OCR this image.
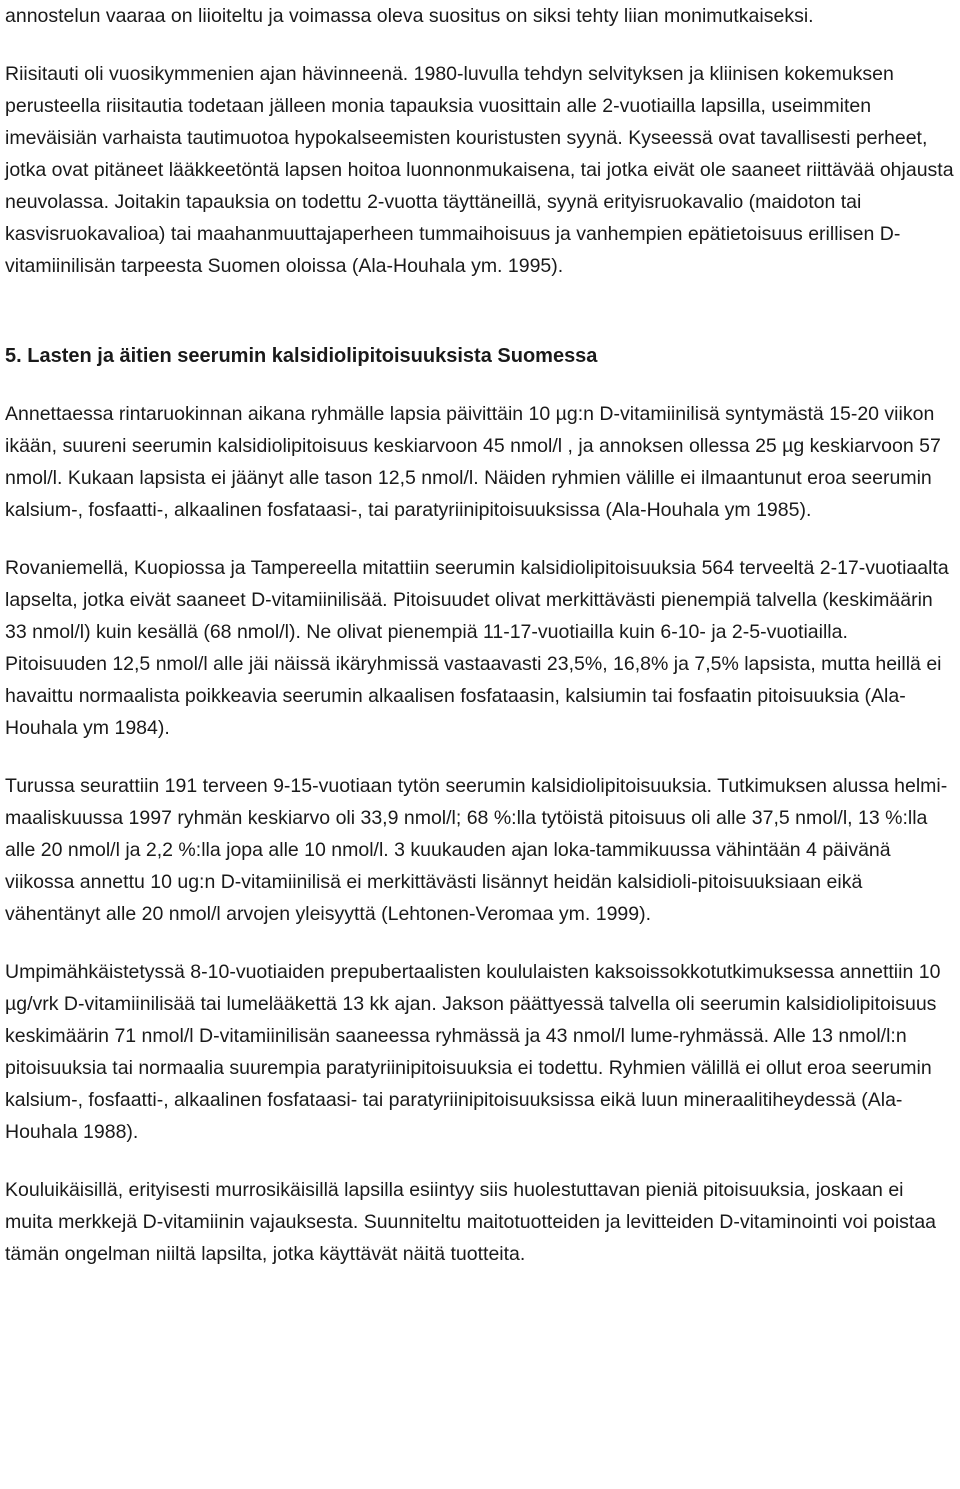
annostelun vaaraa on liioiteltu ja voimassa oleva suositus on siksi tehty liian monimutkaiseksi.

Riisitauti oli vuosikymmenien ajan hävinneenä. 1980-luvulla tehdyn selvityksen ja kliinisen kokemuksen perusteella riisitautia todetaan jälleen monia tapauksia vuosittain alle 2-vuotiailla lapsilla, useimmiten imeväisiän varhaista tautimuotoa hypokalseemisten kouristusten syynä. Kyseessä ovat tavallisesti perheet, jotka ovat pitäneet lääkkeetöntä lapsen hoitoa luonnonmukaisena, tai jotka eivät ole saaneet riittävää ohjausta neuvolassa. Joitakin tapauksia on todettu 2-vuotta täyttäneillä, syynä erityisruokavalio (maidoton tai kasvisruokavalioa) tai maahanmuuttajaperheen tummaihoisuus ja vanhempien epätietoisuus erillisen D-vitamiinilisän tarpeesta Suomen oloissa (Ala-Houhala ym. 1995).

5. Lasten ja äitien seerumin kalsidiolipitoisuuksista Suomessa

Annettaessa rintaruokinnan aikana ryhmälle lapsia päivittäin 10 µg:n D-vitamiinilisä syntymästä 15-20 viikon ikään, suureni seerumin kalsidiolipitoisuus keskiarvoon 45 nmol/l , ja annoksen ollessa 25 µg keskiarvoon 57 nmol/l. Kukaan lapsista ei jäänyt alle tason 12,5 nmol/l. Näiden ryhmien välille ei ilmaantunut eroa seerumin kalsium-, fosfaatti-, alkaalinen fosfataasi-, tai paratyriinipitoisuuksissa (Ala-Houhala ym 1985).

Rovaniemellä, Kuopiossa ja Tampereella mitattiin seerumin kalsidiolipitoisuuksia 564 terveeltä 2-17-vuotiaalta lapselta, jotka eivät saaneet D-vitamiinilisää. Pitoisuudet olivat merkittävästi pienempiä talvella (keskimäärin 33 nmol/l) kuin kesällä (68 nmol/l). Ne olivat pienempiä 11-17-vuotiailla kuin 6-10- ja 2-5-vuotiailla. Pitoisuuden 12,5 nmol/l alle jäi näissä ikäryhmissä vastaavasti 23,5%, 16,8% ja 7,5% lapsista, mutta heillä ei havaittu normaalista poikkeavia seerumin alkaalisen fosfataasin, kalsiumin tai fosfaatin pitoisuuksia (Ala-Houhala ym 1984).

Turussa seurattiin 191 terveen 9-15-vuotiaan tytön seerumin kalsidiolipitoisuuksia. Tutkimuksen alussa helmi-maaliskuussa 1997 ryhmän keskiarvo oli 33,9 nmol/l; 68 %:lla tytöistä pitoisuus oli alle 37,5 nmol/l, 13 %:lla alle 20 nmol/l ja 2,2 %:lla jopa alle 10 nmol/l. 3 kuukauden ajan loka-tammikuussa vähintään 4 päivänä viikossa annettu 10 ug:n D-vitamiinilisä ei merkittävästi lisännyt heidän kalsidioli-pitoisuuksiaan eikä vähentänyt alle 20 nmol/l arvojen yleisyyttä (Lehtonen-Veromaa ym. 1999).

Umpimähkäistetyssä 8-10-vuotiaiden prepubertaalisten koululaisten kaksoissokkotutkimuksessa annettiin 10 µg/vrk D-vitamiinilisää tai lumelääkettä 13 kk ajan. Jakson päättyessä talvella oli seerumin kalsidiolipitoisuus keskimäärin 71 nmol/l D-vitamiinilisän saaneessa ryhmässä ja 43 nmol/l lume-ryhmässä. Alle 13 nmol/l:n pitoisuuksia tai normaalia suurempia paratyriinipitoisuuksia ei todettu. Ryhmien välillä ei ollut eroa seerumin kalsium-, fosfaatti-, alkaalinen fosfataasi- tai paratyriinipitoisuuksissa eikä luun mineraalitiheydessä (Ala-Houhala 1988).

Kouluikäisillä, erityisesti murrosikäisillä lapsilla esiintyy siis huolestuttavan pieniä pitoisuuksia, joskaan ei muita merkkejä D-vitamiinin vajauksesta. Suunniteltu maitotuotteiden ja levitteiden D-vitaminointi voi poistaa tämän ongelman niiltä lapsilta, jotka käyttävät näitä tuotteita.
